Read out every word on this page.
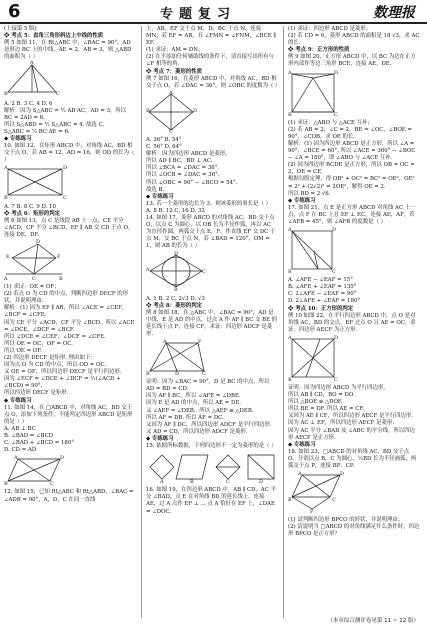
6	专题复习	数理报

(上接第 5 版)

❖ 考点 5：直角三角形斜边上中线的性质

例 5 如图 11，在 Rt△ABC 中，∠BAC = 90°，AD 是斜边 BC 上的中线，AE = 2，AB = 3，则 △ABD 的面积为（ ）

A
B	C

A. 2 B. 3 C. 4 D. 6

解析：因为 S△ABC = ½ AB·AC，AD = 3，所以 BC = 2AD = 6.

所以 S△ABD = ½ S△ABC = 4. 故选 C.

S△ABC = ½ BC·AE = 6.

◆ 专练练习

10. 如图 12，在矩形 ABCD 中，对角线 AC，BD 相交于点 O，若 AB = 12，AD = 16，则 OD 的长为（ ）

A	D
B	C

A. 7 B. 8 C. 9 D. 10

❖ 考点 6：矩形的判定

例 6 如图 13，点 C 是线段 AB 上一点，CE 平分 ∠ACD，CF 平分 ∠BCD，EF ∥ AB 交 CD 于点 O，连接 DE，DF.

D
E	F
A	C	B

(1) 求证：OE = OF；

(2) 若点 O 为 CD 的中点，判断四边形 DECF 的形状，并说明理由.

解析：(1) 因为 EF ∥ AB，所以 ∠ACE = ∠CEF，∠BCF = ∠CFE.

因为 CE 平分 ∠ACD，CF 平分 ∠BCD，所以 ∠ACE = ∠DCE，∠DCF = ∠BCF.

所以 ∠DCE = ∠CEF，∠DCF = ∠CFE.

所以 OE = OC，OF = OC.

所以 OE = OF.

(2) 四边形 DECF 是矩形. 理由如下：

因为点 O 为 CD 的中点，所以 OD = OC.

又 OE = OF，所以四边形 DECF 是平行四边形.

因为 ∠ECF = ∠DCE + ∠DCF = ½(∠ACD + ∠BCD) = 90°，

所以四边形 DECF 是矩形.

◆ 专练练习

11. 如图 14，在 □ABCD 中，对角线 AC，BD 交于点 O，添加下列条件，不能判定四边形 ABCD 是矩形的是（ ）

A. AB ⊥ BC

B. ∠BAD = ∠BCD

C. ∠BAD + ∠BCD = 180°

D. CD = AD

A	D
B	C

12. 如图 15，已知 Rt△ABC 和 Rt△ABD，∠BAC = ∠ADB = 90°，A，D，C 在同一直线

上，AB，EF 交于点 M，D，BC 于点 N，连接 MN，若 EF = AB，且 ∠FMN = ∠FNM，∠BCE ∥ EF.

(1) 求证：AM = DN；

(2) 在不添加任何辅助线的条件下，请直接写出所有与 ∠F 相等的角.

❖ 考点 7：菱形的性质

例 7 如图 16，在菱形 ABCD 中，对角线 AC，BD 相交于点 O，若 ∠DAC = 36°，则 ∠OBC 的度数为（ ）

A
B	D
C

A. 36° B. 54°

C. 56° D. 64°

解析：因为四边形 ABCD 是菱形，

所以 AD ∥ BC，BD ⊥ AC.

所以 ∠BCA = ∠DAC = 36°.

所以 ∠OCB = ∠DAC = 36°.

所以 ∠OBC = 90° − ∠BCO = 54°.

故选 B.

◆ 专练练习

13. 若一个菱形的边长为 3，则该菱形的周长是（ ）

A. 8 B. 12 C. 16 D. 32

14. 如图 17，菱形 ABCD 的对角线 AC，BD 交于点 O，以点 C 为圆心，以 OB 长为半径作弧，再以 AC 为直径作圆，两弧交于点 E，F，作直线 EF 交 DC 于点 M，交 BC 于点 N，若 ∠BAD = 120°，OM = 1，则 AB 的长为（ ）

A
D
C
B

A. 1 B. 2 C. 2√3 D. √3

❖ 考点 8：菱形的判定

例 8 如图 18，在 △ABC 中，∠BAC = 90°，AD 是中线，E 是 AD 的中点，过点 A 作 AF ∥ BC 交 BE 的延长线于点 F，连接 CF，求证：四边形 ADCF 是菱形.

A	F
B	D	C

证明：因为 ∠BAC = 90°，D 是 BC 的中点，所以 AD = BD = CD.

因为 AF ∥ BC，所以 ∠AFE = ∠DBE.

因为 E 是 AD 的中点，所以 AE = DE.

又 ∠AEF = ∠DEB，所以 △AEF ≌ △DEB.

所以 AF = DB. 所以 AF = DC.

又因为 AF ∥ DC，所以四边形 ADCF 是平行四边形.

又 AD = CD，所以四边形 ADCF 是菱形.

◆ 专练练习

15. 依据所标数据，下列四边形不一定为菱形的是（ ）

A	B	C	D

16. 如图 19，在四边形 ABCD 中，AB ∥ CD，AC 平分 ∠BAD，点 E 在对角线 BD 的延长线上，连接 AE，过 A 点作 EF ⊥ ... 点 A 恰好在 EF 上，∠DAE = ∠DOC.

(1) 求证：四边形 ABCD 是菱形；

(2) 若 CD = 6，菱形 ABCD 的面积是 18 √3，求 AC 的长.

❖ 考点 9：正方形的性质

例 9 如图 20，正方形 ABCD 中，以 BC 为边在正方形内部作等边三角形 BCE，连接 AE，DE.

A	D
B	C

(1) 求证：△ABO 与 △ACE 互补；

(2) 若 AB = 2，∠C = 2，BE = ∠OC，∠BOE = 90°，∠COB，求 OE 的长.

解析：(1) 因为四边形 ABCD 是正方形，所以 ∠A = 90°，∠BCE = 60°. 所以 ∠ACE = 360° − ∠BOC − ∠A = 180°，即 ∠ABO 与 ∠ACE 互补.

(2) 因为四边形 BCDE 是正方形，所以 OB = OC = 2，OE = CE.

根据勾股定理，得 OB² + OC² = BC² = OE²，OE² = 2² + (2√2)² = 2OE²，解得 OE = 2.

所以 BD = 2 √6.

◆ 专练练习

17. 如图 21，点 E 是正方形 ABCD 对角线 AC 上一点，点 F 在 BC 上且 EF ⊥ EC，连接 AE，AF，若 ∠AFB = 45°，则 ∠AFB 的度数是（ ）

A	D
B	C

A. ∠AFE − ∠EAF = 15°

B. ∠AFE + ∠EAF = 135°

C. 2∠AFE − ∠EAF = 90°

D. 2∠AFE + ∠EAF = 180°

❖ 考点 10：正方形的判定

例 10 如图 22，在平行四边形 ABCD 中，点 O 是对角线 AC，BD 的交点，EF 过点 O 且 AE = OC，求证：四边形 AECF 为正方形.

A	D
B	C

证明：因为四边形 ABCD 为平行四边形，

所以 AB ∥ CD，BO = DO.

所以 △BOE ≌ △DOF.

所以 BE = DF. 所以 AE = CF.

又因为 AE ∥ CF，所以四边形 AECF 是平行四边形.

因为 AC ⊥ EF，所以四边形 AECF 是菱形.

因为 AC 平分 ∠BAD 及 ∠ABC 的平分线，所以四边形 AECF 是正方形.

◆ 专练练习

18. 如图 23，□ABCD 的对角线 AC，BD 交于点 O，分别以点 B，C 为圆心，½BD 长为半径画弧，两弧交于点 P，连接 BP，CP.

A	D
B	C
P

(1) 试判断四边形 BPCO 的形状，并说明理由；

(2) 请说明当 □ABCD 的对角线满足什么条件时，四边形 BPCO 是正方形？

（本章综合测评卷见第 11 ~ 12 版）
